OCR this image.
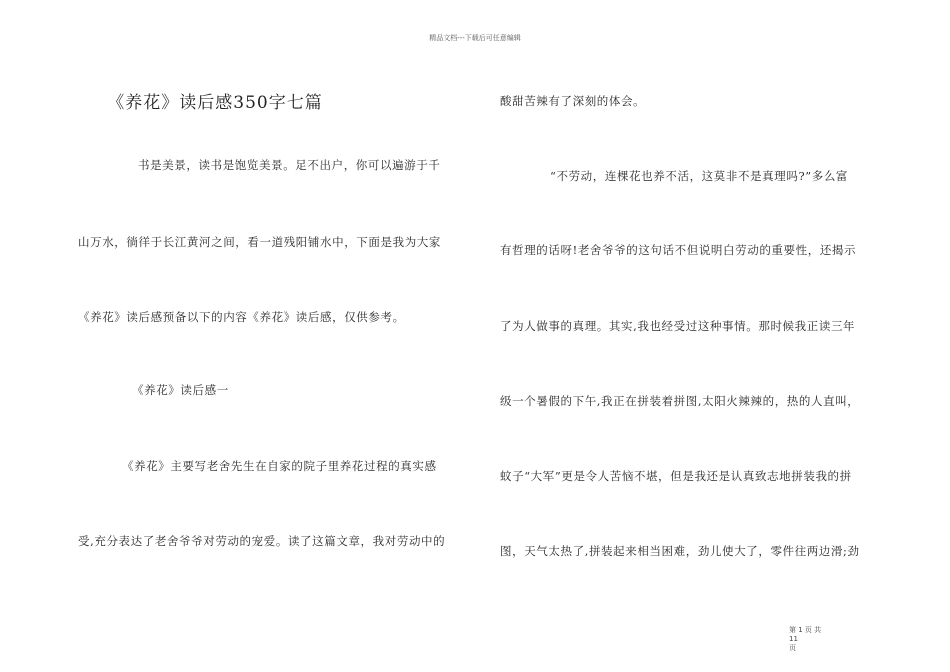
精品文档---下载后可任意编辑
《养花》读后感350字七篇
书是美景，读书是饱览美景。足不出户，你可以遍游于千
山万水，徜徉于长江黄河之间，看一道残阳铺水中，下面是我为大家
《养花》读后感预备以下的内容《养花》读后感，仅供参考。
《养花》读后感一
《养花》主要写老舍先生在自家的院子里养花过程的真实感
受,充分表达了老舍爷爷对劳动的宠爱。读了这篇文章，我对劳动中的
酸甜苦辣有了深刻的体会。
“不劳动，连棵花也养不活，这莫非不是真理吗?”多么富
有哲理的话呀!老舍爷爷的这句话不但说明白劳动的重要性，还揭示
了为人做事的真理。其实,我也经受过这种事情。那时候我正读三年
级一个暑假的下午,我正在拼装着拼图,太阳火辣辣的，热的人直叫，
蚊子“大军”更是令人苦恼不堪，但是我还是认真致志地拼装我的拼
图，天气太热了,拼装起来相当困难，劲儿使大了，零件往两边滑;劲
第 1 页 共 11
页
